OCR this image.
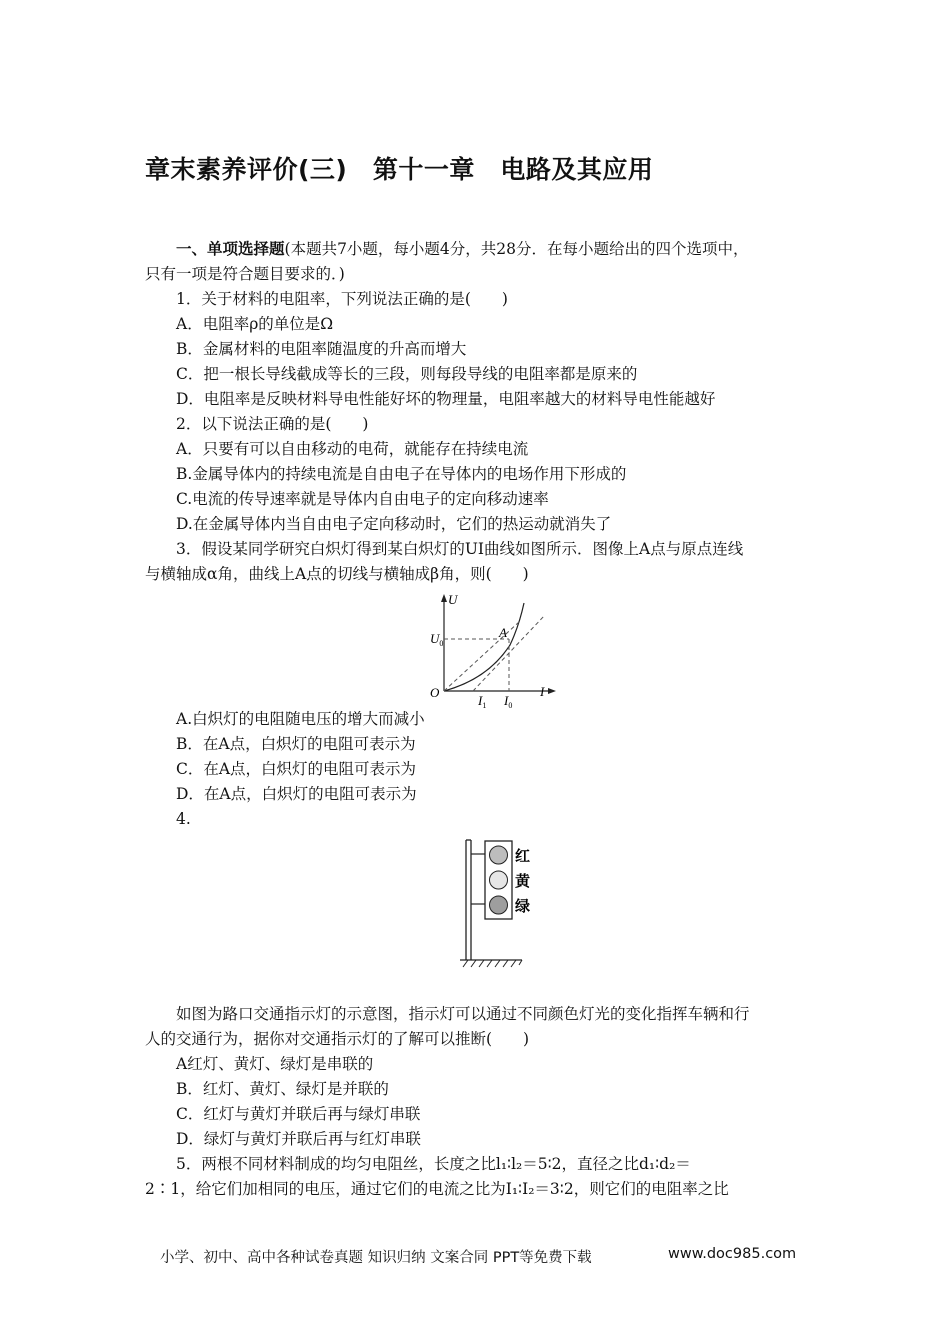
章末素养评价(三)　第十一章　电路及其应用
一、单项选择题(本题共7小题，每小题4分，共28分．在每小题给出的四个选项中，
只有一项是符合题目要求的．)
1．关于材料的电阻率，下列说法正确的是(　　)
A．电阻率ρ的单位是Ω
B．金属材料的电阻率随温度的升高而增大
C．把一根长导线截成等长的三段，则每段导线的电阻率都是原来的
D．电阻率是反映材料导电性能好坏的物理量，电阻率越大的材料导电性能越好
2．以下说法正确的是(　　)
A．只要有可以自由移动的电荷，就能存在持续电流
B.金属导体内的持续电流是自由电子在导体内的电场作用下形成的
C.电流的传导速率就是导体内自由电子的定向移动速率
D.在金属导体内当自由电子定向移动时，它们的热运动就消失了
3．假设某同学研究白炽灯得到某白炽灯的UI曲线如图所示．图像上A点与原点连线
与横轴成α角，曲线上A点的切线与横轴成β角，则(　　)
U
$U_0$
A
O
$I_1$ $I_0$
I
A.白炽灯的电阻随电压的增大而减小
B．在A点，白炽灯的电阻可表示为
C．在A点，白炽灯的电阻可表示为
D．在A点，白炽灯的电阻可表示为
4.
红
黄
绿
如图为路口交通指示灯的示意图，指示灯可以通过不同颜色灯光的变化指挥车辆和行
人的交通行为，据你对交通指示灯的了解可以推断(　　)
A红灯、黄灯、绿灯是串联的
B．红灯、黄灯、绿灯是并联的
C．红灯与黄灯并联后再与绿灯串联
D．绿灯与黄灯并联后再与红灯串联
5．两根不同材料制成的均匀电阻丝，长度之比l₁∶l₂＝5∶2，直径之比d₁∶d₂＝
2∶1，给它们加相同的电压，通过它们的电流之比为I₁∶I₂＝3∶2，则它们的电阻率之比
小学、初中、高中各种试卷真题 知识归纳 文案合同 PPT等免费下载	www.doc985.com
